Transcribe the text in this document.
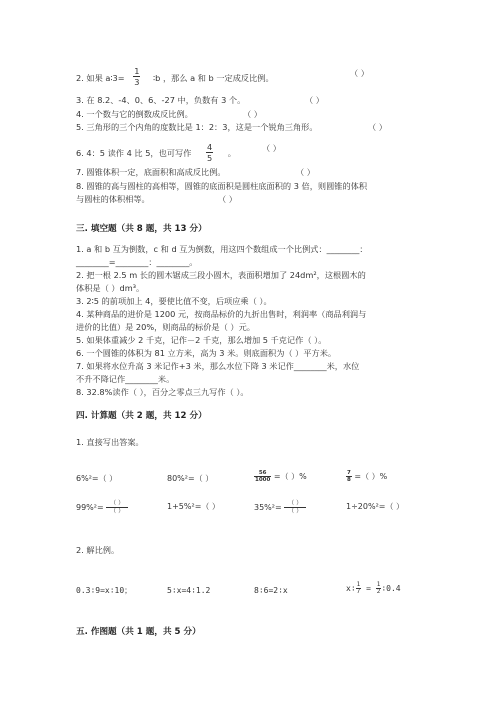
2. 如果 a∶3= $\frac{1}{3}$ ∶b ，那么 a 和 b 一定成反比例。	（ ）
3. 在 8.2、-4、0、6、-27 中，负数有 3 个。	（ ）
4. 一个数与它的倒数成反比例。	（ ）
5. 三角形的三个内角的度数比是 1：2：3，这是一个锐角三角形。	（ ）
6. 4：5 读作 4 比 5，也可写作 $\frac{4}{5}$ 。	（ ）
7. 圆锥体积一定，底面积和高成反比例。	（ ）
8. 圆锥的高与圆柱的高相等，圆锥的底面积是圆柱底面积的 3 倍，则圆锥的体积
与圆柱的体积相等。	（ ）
三. 填空题（共 8 题，共 13 分）
1. a 和 b 互为倒数，c 和 d 互为倒数，用这四个数组成一个比例式：________：
________=________：________。
2. 把一根 2.5 m 长的圆木锯成三段小圆木，表面积增加了 24dm²，这根圆木的
体积是（ ）dm³。
3. 2∶5 的前项加上 4，要使比值不变，后项应乘（ ）。
4. 某种商品的进价是 1200 元，按商品标价的九折出售时，利润率（商品利润与
进价的比值）是 20%，则商品的标价是（ ）元。
5. 如果体重减少 2 千克，记作－2 千克，那么增加 5 千克记作（ ）。
6. 一个圆锥的体积为 81 立方米，高为 3 米。则底面积为（ ）平方米。
7. 如果将水位升高 3 米记作+3 米，那么水位下降 3 米记作________米，水位
不升不降记作________米。
8. 32.8%读作（ ），百分之零点三九写作（ ）。
四. 计算题（共 2 题，共 12 分）
1. 直接写出答案。
6%²=（ ）	80%²=（ ）	$\frac{56}{1000}$ =（ ）%	$\frac{7}{8}$ =（ ）%
$99\%^2= \frac{( )}{( )}$	1+5%²=（ ）	$35\%^2= \frac{( )}{( )}$	1÷20%²=（ ）
2. 解比例。
0.3∶9=x∶10；	5∶x=4∶1.2	8∶6=2∶x	x∶ $\frac{1}{7} = \frac{1}{2}$ ∶0.4
五. 作图题（共 1 题，共 5 分）
